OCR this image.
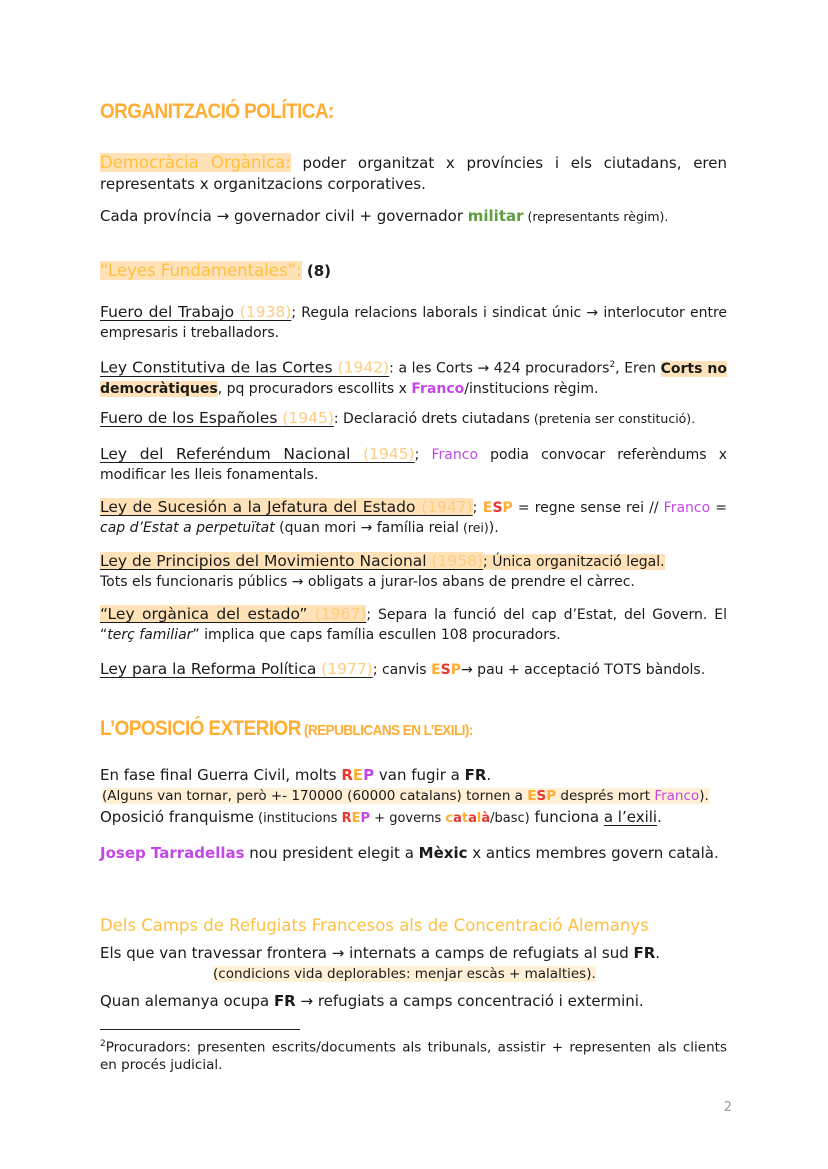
ORGANITZACIÓ POLÍTICA:
Democràcia Orgànica: poder organitzat x províncies i els ciutadans, eren representats x organitzacions corporatives.
Cada província → governador civil + governador militar (representants règim).
“Leyes Fundamentales”: (8)
Fuero del Trabajo (1938); Regula relacions laborals i sindicat únic → interlocutor entre empresaris i treballadors.
Ley Constitutiva de las Cortes (1942): a les Corts → 424 procuradors$^2$, Eren Corts no democràtiques, pq procuradors escollits x Franco/institucions règim.
Fuero de los Españoles (1945): Declaració drets ciutadans (pretenia ser constitució).
Ley del Referéndum Nacional (1945); Franco podia convocar referèndums x modificar les lleis fonamentals.
Ley de Sucesión a la Jefatura del Estado (1947); ESP = regne sense rei // Franco = cap d’Estat a perpetuïtat (quan mori → família reial (rei)).
Ley de Principios del Movimiento Nacional (1958); Única organització legal.
Tots els funcionaris públics → obligats a jurar-los abans de prendre el càrrec.
“Ley orgànica del estado” (1967); Separa la funció del cap d’Estat, del Govern. El “terç familiar” implica que caps família escullen 108 procuradors.
Ley para la Reforma Política (1977); canvis ESP→ pau + acceptació TOTS bàndols.
L’OPOSICIÓ EXTERIOR (REPUBLICANS EN L’EXILI):
En fase final Guerra Civil, molts REP van fugir a FR.
(Alguns van tornar, però +- 170000 (60000 catalans) tornen a ESP després mort Franco).
Oposició franquisme (institucions REP + governs català/basc) funciona a l’exili.
Josep Tarradellas nou president elegit a Mèxic x antics membres govern català.
Dels Camps de Refugiats Francesos als de Concentració Alemanys
Els que van travessar frontera → internats a camps de refugiats al sud FR.
(condicions vida deplorables: menjar escàs + malalties).
Quan alemanya ocupa FR → refugiats a camps concentració i extermini.
$^2$Procuradors: presenten escrits/documents als tribunals, assistir + representen als clients en procés judicial.
2
